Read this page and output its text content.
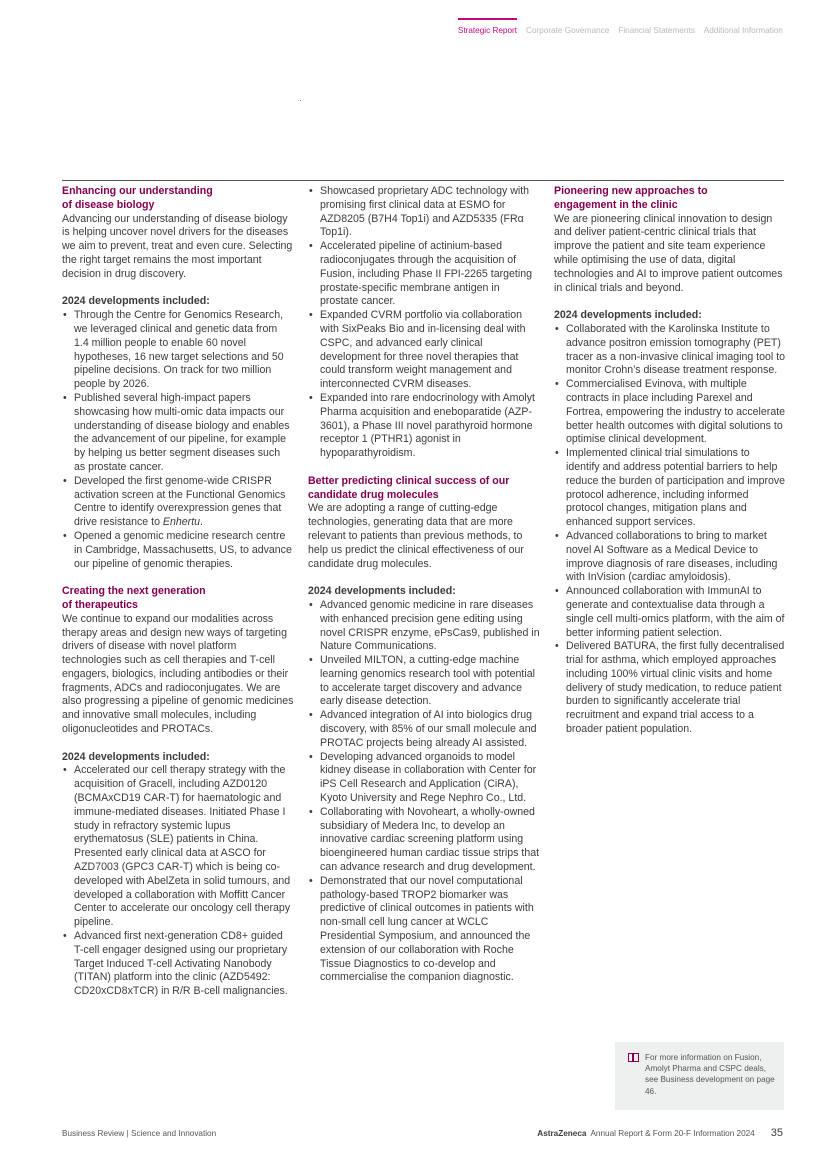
Strategic Report Corporate Governance Financial Statements Additional Information
Enhancing our understanding
of disease biology

Advancing our understanding of disease biology is helping uncover novel drivers for the diseases we aim to prevent, treat and even cure. Selecting the right target remains the most important decision in drug discovery.

2024 developments included:

• Through the Centre for Genomics Research, we leveraged clinical and genetic data from 1.4 million people to enable 60 novel hypotheses, 16 new target selections and 50 pipeline decisions. On track for two million people by 2026.
• Published several high-impact papers showcasing how multi-omic data impacts our understanding of disease biology and enables the advancement of our pipeline, for example by helping us better segment diseases such as prostate cancer.
• Developed the first genome-wide CRISPR activation screen at the Functional Genomics Centre to identify overexpression genes that drive resistance to Enhertu.
• Opened a genomic medicine research centre in Cambridge, Massachusetts, US, to advance our pipeline of genomic therapies.
Creating the next generation
of therapeutics

We continue to expand our modalities across therapy areas and design new ways of targeting drivers of disease with novel platform technologies such as cell therapies and T-cell engagers, biologics, including antibodies or their fragments, ADCs and radioconjugates. We are also progressing a pipeline of genomic medicines and innovative small molecules, including oligonucleotides and PROTACs.

2024 developments included:

• Accelerated our cell therapy strategy with the acquisition of Gracell, including AZD0120 (BCMAxCD19 CAR-T) for haematologic and immune-mediated diseases. Initiated Phase I study in refractory systemic lupus erythematosus (SLE) patients in China. Presented early clinical data at ASCO for AZD7003 (GPC3 CAR-T) which is being co-developed with AbelZeta in solid tumours, and developed a collaboration with Moffitt Cancer Center to accelerate our oncology cell therapy pipeline.
• Advanced first next-generation CD8+ guided T-cell engager designed using our proprietary Target Induced T-cell Activating Nanobody (TITAN) platform into the clinic (AZD5492: CD20xCD8xTCR) in R/R B-cell malignancies.
• Showcased proprietary ADC technology with promising first clinical data at ESMO for AZD8205 (B7H4 Top1i) and AZD5335 (FRα Top1i).
• Accelerated pipeline of actinium-based radioconjugates through the acquisition of Fusion, including Phase II FPI-2265 targeting prostate-specific membrane antigen in prostate cancer.
• Expanded CVRM portfolio via collaboration with SixPeaks Bio and in-licensing deal with CSPC, and advanced early clinical development for three novel therapies that could transform weight management and interconnected CVRM diseases.
• Expanded into rare endocrinology with Amolyt Pharma acquisition and eneboparatide (AZP-3601), a Phase III novel parathyroid hormone receptor 1 (PTHR1) agonist in hypoparathyroidism.
Better predicting clinical success of our
candidate drug molecules

We are adopting a range of cutting-edge technologies, generating data that are more relevant to patients than previous methods, to help us predict the clinical effectiveness of our candidate drug molecules.

2024 developments included:

• Advanced genomic medicine in rare diseases with enhanced precision gene editing using novel CRISPR enzyme, ePsCas9, published in Nature Communications.
• Unveiled MILTON, a cutting-edge machine learning genomics research tool with potential to accelerate target discovery and advance early disease detection.
• Advanced integration of AI into biologics drug discovery, with 85% of our small molecule and PROTAC projects being already AI assisted.
• Developing advanced organoids to model kidney disease in collaboration with Center for iPS Cell Research and Application (CiRA), Kyoto University and Rege Nephro Co., Ltd.
• Collaborating with Novoheart, a wholly-owned subsidiary of Medera Inc, to develop an innovative cardiac screening platform using bioengineered human cardiac tissue strips that can advance research and drug development.
• Demonstrated that our novel computational pathology-based TROP2 biomarker was predictive of clinical outcomes in patients with non-small cell lung cancer at WCLC Presidential Symposium, and announced the extension of our collaboration with Roche Tissue Diagnostics to co-develop and commercialise the companion diagnostic.
Pioneering new approaches to
engagement in the clinic

We are pioneering clinical innovation to design and deliver patient-centric clinical trials that improve the patient and site team experience while optimising the use of data, digital technologies and AI to improve patient outcomes in clinical trials and beyond.

2024 developments included:

• Collaborated with the Karolinska Institute to advance positron emission tomography (PET) tracer as a non-invasive clinical imaging tool to monitor Crohn’s disease treatment response.
• Commercialised Evinova, with multiple contracts in place including Parexel and Fortrea, empowering the industry to accelerate better health outcomes with digital solutions to optimise clinical development.
• Implemented clinical trial simulations to identify and address potential barriers to help reduce the burden of participation and improve protocol adherence, including informed protocol changes, mitigation plans and enhanced support services.
• Advanced collaborations to bring to market novel AI Software as a Medical Device to improve diagnosis of rare diseases, including with InVision (cardiac amyloidosis).
• Announced collaboration with ImmunAI to generate and contextualise data through a single cell multi-omics platform, with the aim of better informing patient selection.
• Delivered BATURA, the first fully decentralised trial for asthma, which employed approaches including 100% virtual clinic visits and home delivery of study medication, to reduce patient burden to significantly accelerate trial recruitment and expand trial access to a broader patient population.
For more information on Fusion, Amolyt Pharma and CSPC deals, see Business development on page 46.
Business Review | Science and Innovation	AstraZeneca Annual Report & Form 20-F Information 2024 35
